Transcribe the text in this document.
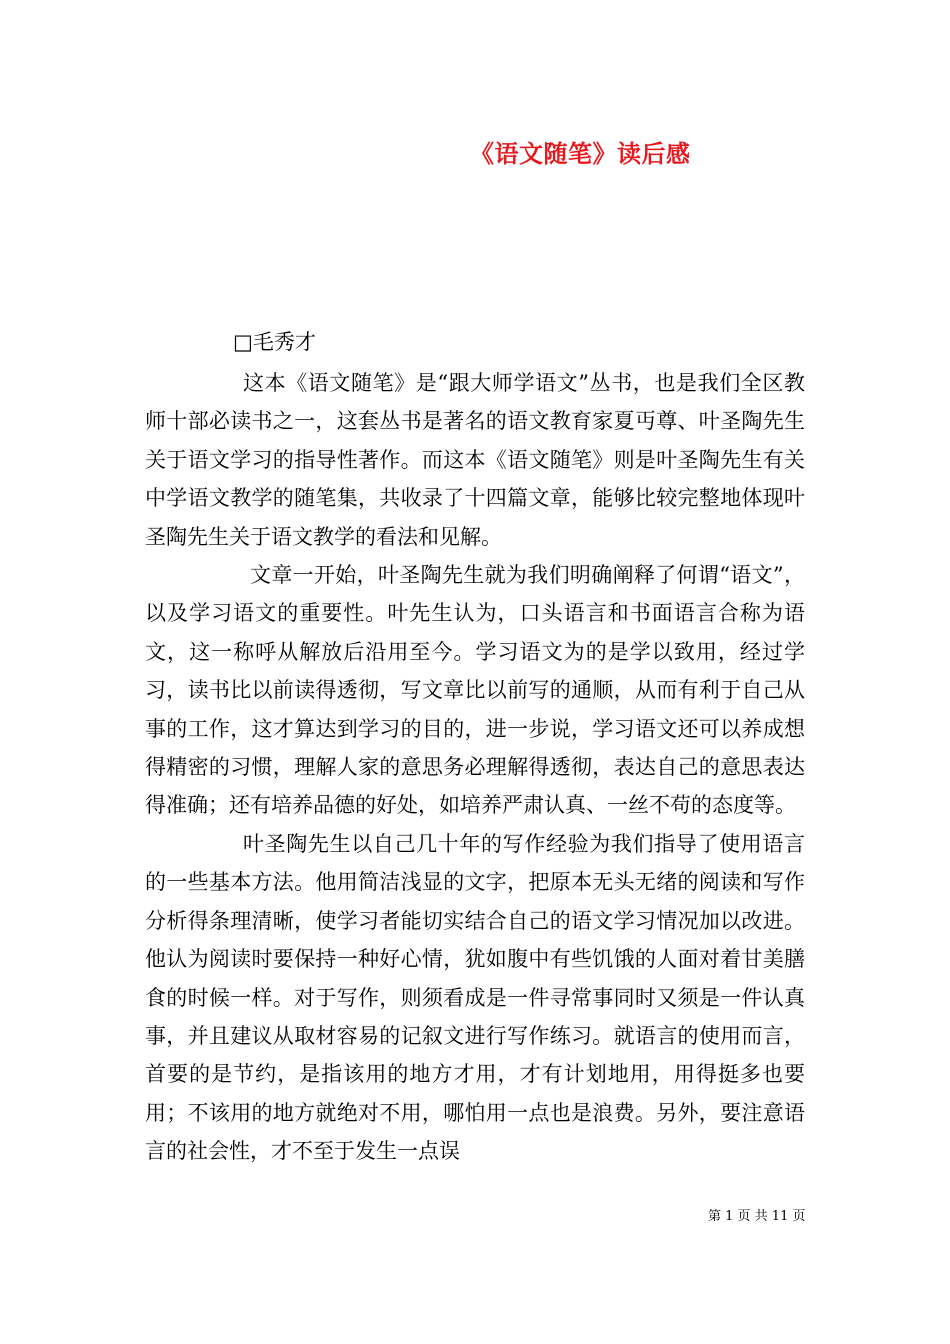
《语文随笔》读后感
□毛秀才

这本《语文随笔》是“跟大师学语文”丛书，也是我们全区教师十部必读书之一，这套丛书是著名的语文教育家夏丏尊、叶圣陶先生关于语文学习的指导性著作。而这本《语文随笔》则是叶圣陶先生有关中学语文教学的随笔集，共收录了十四篇文章，能够比较完整地体现叶圣陶先生关于语文教学的看法和见解。

文章一开始，叶圣陶先生就为我们明确阐释了何谓“语文”，以及学习语文的重要性。叶先生认为，口头语言和书面语言合称为语文，这一称呼从解放后沿用至今。学习语文为的是学以致用，经过学习，读书比以前读得透彻，写文章比以前写的通顺，从而有利于自己从事的工作，这才算达到学习的目的，进一步说，学习语文还可以养成想得精密的习惯，理解人家的意思务必理解得透彻，表达自己的意思表达得准确；还有培养品德的好处，如培养严肃认真、一丝不苟的态度等。

叶圣陶先生以自己几十年的写作经验为我们指导了使用语言的一些基本方法。他用简洁浅显的文字，把原本无头无绪的阅读和写作分析得条理清晰，使学习者能切实结合自己的语文学习情况加以改进。他认为阅读时要保持一种好心情，犹如腹中有些饥饿的人面对着甘美膳食的时候一样。对于写作，则须看成是一件寻常事同时又须是一件认真事，并且建议从取材容易的记叙文进行写作练习。就语言的使用而言，首要的是节约，是指该用的地方才用，才有计划地用，用得挺多也要用；不该用的地方就绝对不用，哪怕用一点也是浪费。另外，要注意语言的社会性，才不至于发生一点误

第 1 页 共 11 页
